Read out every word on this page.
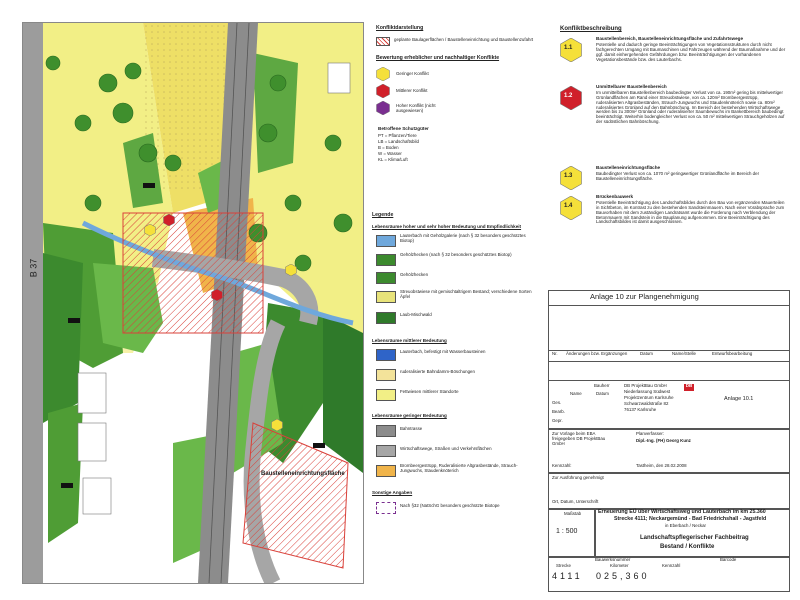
B 37
Baustelleneinrichtungsfläche
Konfliktdarstellung
geplante Baulagerflächen / Baustelleneinrichtung und Baustellenzufahrt
Bewertung erheblicher und nachhaltiger Konflikte
Geringer Konflikt
Mittlerer Konflikt
Hoher Konflikt (nicht ausgewiesen)
Betroffene Schutzgüter
PT = Pflanzen/Tiere
LB = Landschaftsbild
B = Boden
W = Wasser
KL = Klima/Luft
Legende
Lebensräume hoher und sehr hoher Bedeutung und Empfindlichkeit
Lauterbach mit Gehölzgalerie (nach § 32 besonders geschütztes Biotop)
Gehölzhecken (nach § 32 besonders geschütztes Biotop)
Gehölzhecken
Streuobstwiese mit gemischtaltrigem Bestand; verschiedene Sorten Äpfel
Laub-Mischwald
Lebensräume mittlerer Bedeutung
Lauterbach, befestigt mit Wasserbausteinen
ruderalisierte Bahndamm-Böschungen
Fettwiesen mittlerer Standorte
Lebensräume geringer Bedeutung
Bahntrasse
Wirtschaftswege, Straßen und Verkehrsflächen
Brombeergestrüpp, Ruderalisierte Altgrasbestände, Strauch-Jungwuchs, Staudenknöterich
Sonstige Angaben
Nach §32 (NatSchG besonders geschützte Biotope
Konfliktbeschreibung
1.1
Baustellenbereich, Baustelleneinrichtungsfläche und Zufahrtswege
Potentielle und dadurch geringe Beeinträchtigungen von Vegetationsstrukturen durch nicht fachgerechten Umgang mit Baumaschinen und Fahrzeugen während der Baumaßnahme und der ggf. damit einhergehenden Gefährdungen bzw. Beeinträchtigungen der vorhandenen Vegetationsbestände bzw. des Lauterbachs.
1.2
Unmittelbarer Baustellenbereich
Im unmittelbaren Baustellenbereich baubedingter Verlust von ca. 190m² gering bis mittelwertiger Grünlandflächen am Rand einer Streuobstwiese, von ca. 120m² Brombeergestrüpp, ruderalisierten Altgrasbeständen, Strauch-Jungwuchs und Staudenknöterich sowie ca. 80m² ruderalisiertes Grünland auf den Bahnböschung. Im Bereich der bestehenden Wirtschaftswege werden bis zu 300m² Grünland oder ruderalisierter Saumbewuchs im Bankettbereich baubedingt beeinträchtigt. Weiterhin bodengleicher Verlust von ca. 50 m² mittelwertigen Strauchgehölzen auf der südöstlichen Bahnböschung.
1.3
Baustelleneinrichtungsfläche
Baubedingter Verlust von ca. 1070 m² geringwertiger Grünlandfläche im Bereich der Baustelleneinrichtungsfläche.
1.4
Brückenbauwerk
Potentielle Beeinträchtigung des Landschaftsbildes durch den Bau von ergänzenden Mauerteilen in Sichtbeton, im Kontrast zu den bestehenden Sandsteinmauern. Nach einer Vorabsprache zum Bauvorhaben mit dem zuständigen Landratsamt wurde die Forderung nach Verblendung der Betonmauern mit Sandstein in die Bauplanung aufgenommen. Eine Beeinträchtigung des Landschaftsbildes ist damit ausgeschlossen.
Anlage 10 zur Plangenehmigung
Nr. Änderungen bzw. Ergänzungen	Datum	Name/Stelle	Entwurfsbearbeitung
Bauherr
Name	Datum
Ges.
Bearb.
Gepr.
DB ProjektBau GmbH
Niederlassung Südwest
Projektzentrum Karlsruhe
Schwarzwaldstraße 82
76137 Karlsruhe
DB
Anlage 10.1
Zur Vorlage beim EBA freigegeben DB ProjektBau GmbH
Planverfasser:
Dipl.-Ing. (FH) Georg Kunz
Kennzahl:	Tastheim, den 28.02.2008
Zur Ausführung genehmigt
Ort, Datum, Unterschrift
Maßstab
1 : 500
Erneuerung EÜ über Wirtschaftsweg und Lauterbach im km 25.360
Strecke 4111; Neckargemünd - Bad Friedrichshall - Jagstfeld
in Eberbach / Neckar
Landschaftspflegerischer Fachbeitrag
Bestand / Konflikte
Bauwerksnummer	Barcode
Strecke	Kilometer	Kennzahl
4111 025,360
